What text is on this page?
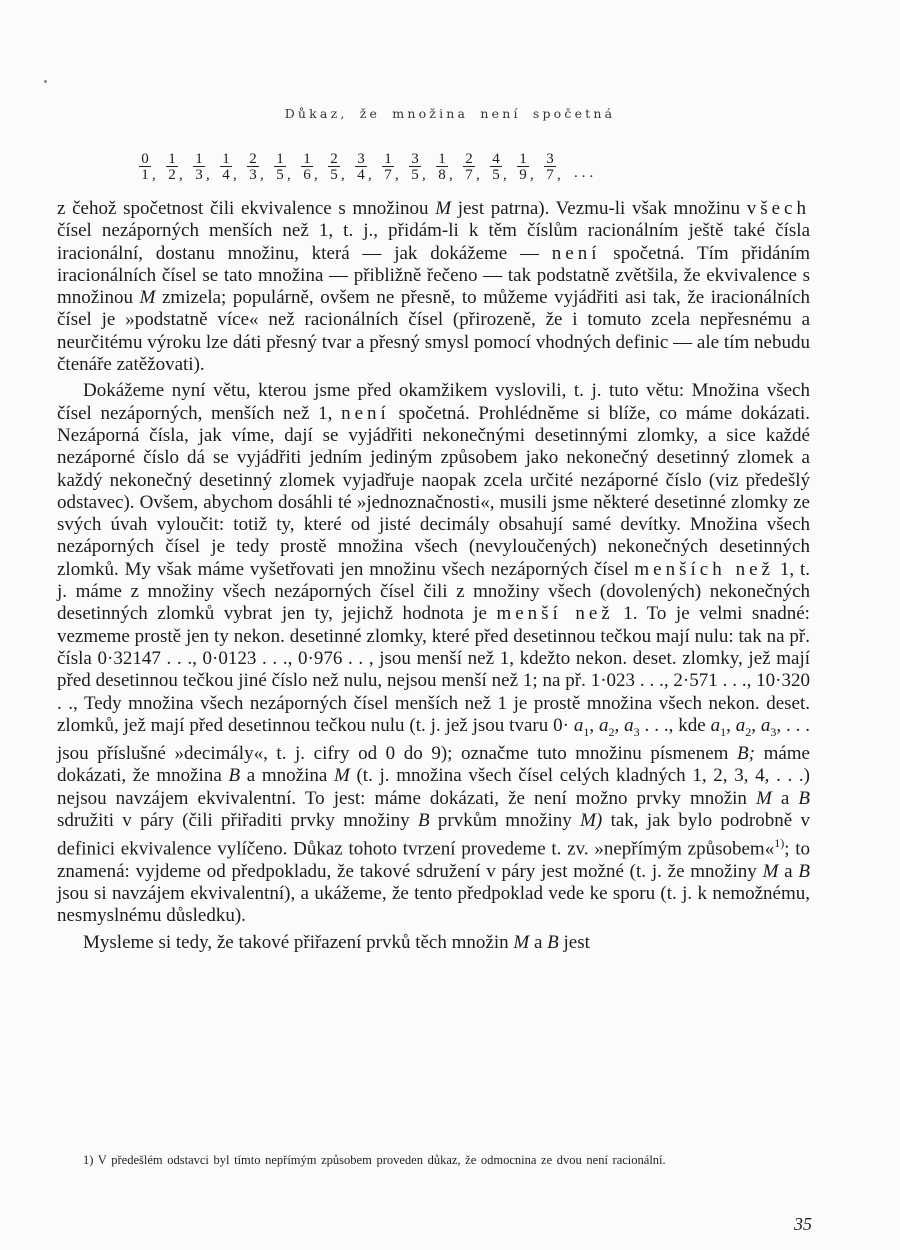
Důkaz, že množina není spočetná
$\frac{0}{1}$ , $\frac{1}{2}$ , $\frac{1}{3}$ , $\frac{1}{4}$ , $\frac{2}{3}$ , $\frac{1}{5}$ , $\frac{1}{6}$ , $\frac{2}{5}$ , $\frac{3}{4}$ , $\frac{1}{7}$ , $\frac{3}{5}$ , $\frac{1}{8}$ , $\frac{2}{7}$ , $\frac{4}{5}$ , $\frac{1}{9}$ , $\frac{3}{7}$ , ...

z čehož spočetnost čili ekvivalence s množinou M jest patrna). Vezmu-li však množinu všech čísel nezáporných menších než 1, t. j., přidám-li k těm číslům racionálním ještě také čísla iracionální, dostanu množinu, která — jak dokážeme — není spočetná. Tím přidáním iracionálních čísel se tato množina — přibližně řečeno — tak podstatně zvětšila, že ekvivalence s množinou M zmizela; populárně, ovšem ne přesně, to můžeme vyjádřiti asi tak, že iracionálních čísel je »podstatně více« než racionálních čísel (přirozeně, že i tomuto zcela nepřesnému a neurčitému výroku lze dáti přesný tvar a přesný smysl pomocí vhodných definic — ale tím nebudu čtenáře zatěžovati).

Dokážeme nyní větu, kterou jsme před okamžikem vyslovili, t. j. tuto větu: Množina všech čísel nezáporných, menších než 1, není spočetná. Prohlédněme si blíže, co máme dokázati. Nezáporná čísla, jak víme, dají se vyjádřiti nekonečnými desetinnými zlomky, a sice každé nezáporné číslo dá se vyjádřiti jedním jediným způsobem jako nekonečný desetinný zlomek a každý nekonečný desetinný zlomek vyjadřuje naopak zcela určité nezáporné číslo (viz předešlý odstavec). Ovšem, abychom dosáhli té »jednoznačnosti«, musili jsme některé desetinné zlomky ze svých úvah vyloučit: totiž ty, které od jisté decimály obsahují samé devítky. Množina všech nezáporných čísel je tedy prostě množina všech (nevyloučených) nekonečných desetinných zlomků. My však máme vyšetřovati jen množinu všech nezáporných čísel menších než 1, t. j. máme z množiny všech nezáporných čísel čili z množiny všech (dovolených) nekonečných desetinných zlomků vybrat jen ty, jejichž hodnota je menší než 1. To je velmi snadné: vezmeme prostě jen ty nekon. desetinné zlomky, které před desetinnou tečkou mají nulu: tak na př. čísla 0·32147 . . ., 0·0123 . . ., 0·976 . . , jsou menší než 1, kdežto nekon. deset. zlomky, jež mají před desetinnou tečkou jiné číslo než nulu, nejsou menší než 1; na př. 1·023 . . ., 2·571 . . ., 10·320 . ., Tedy množina všech nezáporných čísel menších než 1 je prostě množina všech nekon. deset. zlomků, jež mají před desetinnou tečkou nulu (t. j. jež jsou tvaru $0\cdot a_1$, $a_2$, $a_3$ . . ., kde $a_1$, $a_2$, $a_3$, . . . jsou příslušné »decimály«, t. j. cifry od 0 do 9); označme tuto množinu písmenem B; máme dokázati, že množina B a množina M (t. j. množina všech čísel celých kladných 1, 2, 3, 4, . . .) nejsou navzájem ekvivalentní. To jest: máme dokázati, že není možno prvky množin M a B sdružiti v páry (čili přiřaditi prvky množiny B prvkům množiny M) tak, jak bylo podrobně v definici ekvivalence vylíčeno. Důkaz tohoto tvrzení provedeme t. zv. »nepřímým způsobem«$^{1)}$; to znamená: vyjdeme od předpokladu, že takové sdružení v páry jest možné (t. j. že množiny M a B jsou si navzájem ekvivalentní), a ukážeme, že tento předpoklad vede ke sporu (t. j. k nemožnému, nesmyslnému důsledku).

Mysleme si tedy, že takové přiřazení prvků těch množin M a B jest

1) V předešlém odstavci byl tímto nepřímým způsobem proveden důkaz, že odmocnina ze dvou není racionální.
35
